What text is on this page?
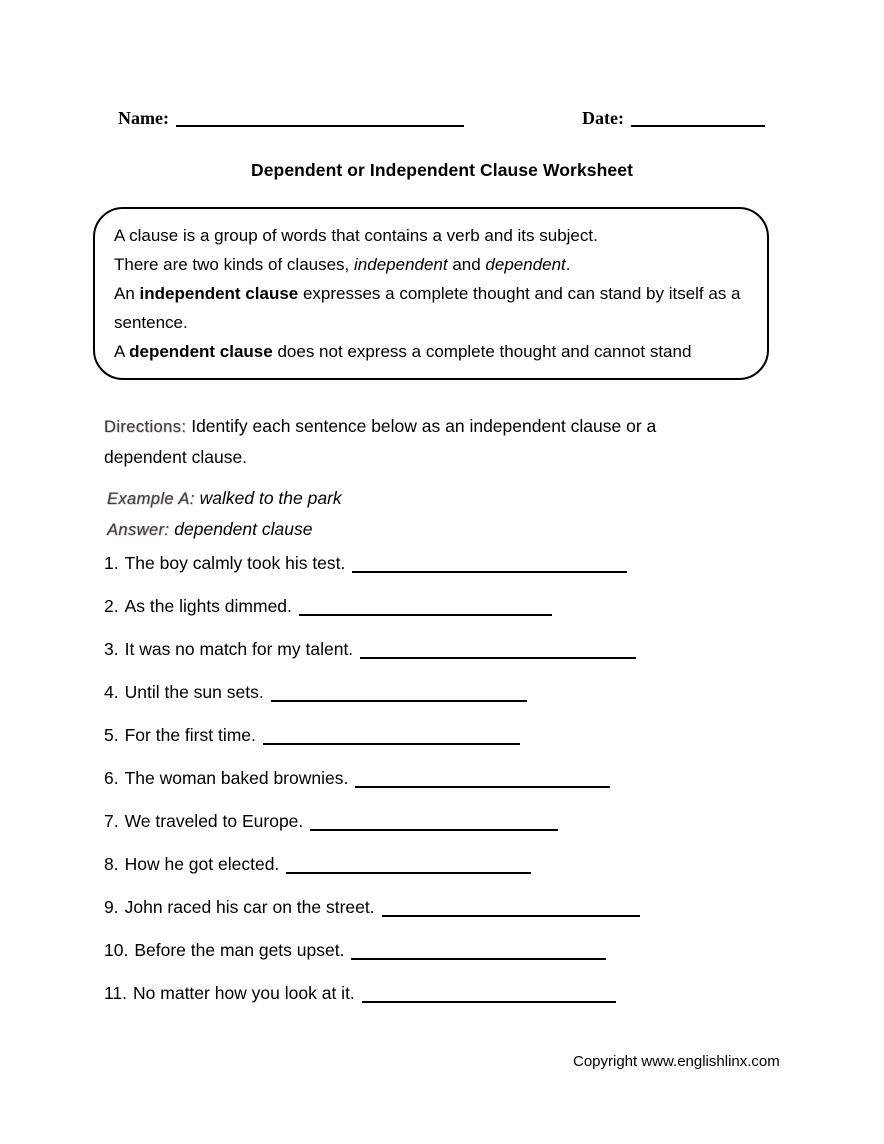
Name:	Date:
Dependent or Independent Clause Worksheet

A clause is a group of words that contains a verb and its subject.

There are two kinds of clauses, independent and dependent.

An independent clause expresses a complete thought and can stand by itself as a sentence.

A dependent clause does not express a complete thought and cannot stand

Directions: Identify each sentence below as an independent clause or a dependent clause.

Example A: walked to the park
Answer: dependent clause
1. The boy calmly took his test.
2. As the lights dimmed.
3. It was no match for my talent.
4. Until the sun sets.
5. For the first time.
6. The woman baked brownies.
7. We traveled to Europe.
8. How he got elected.
9. John raced his car on the street.
10. Before the man gets upset.
11. No matter how you look at it.
Copyright www.englishlinx.com
